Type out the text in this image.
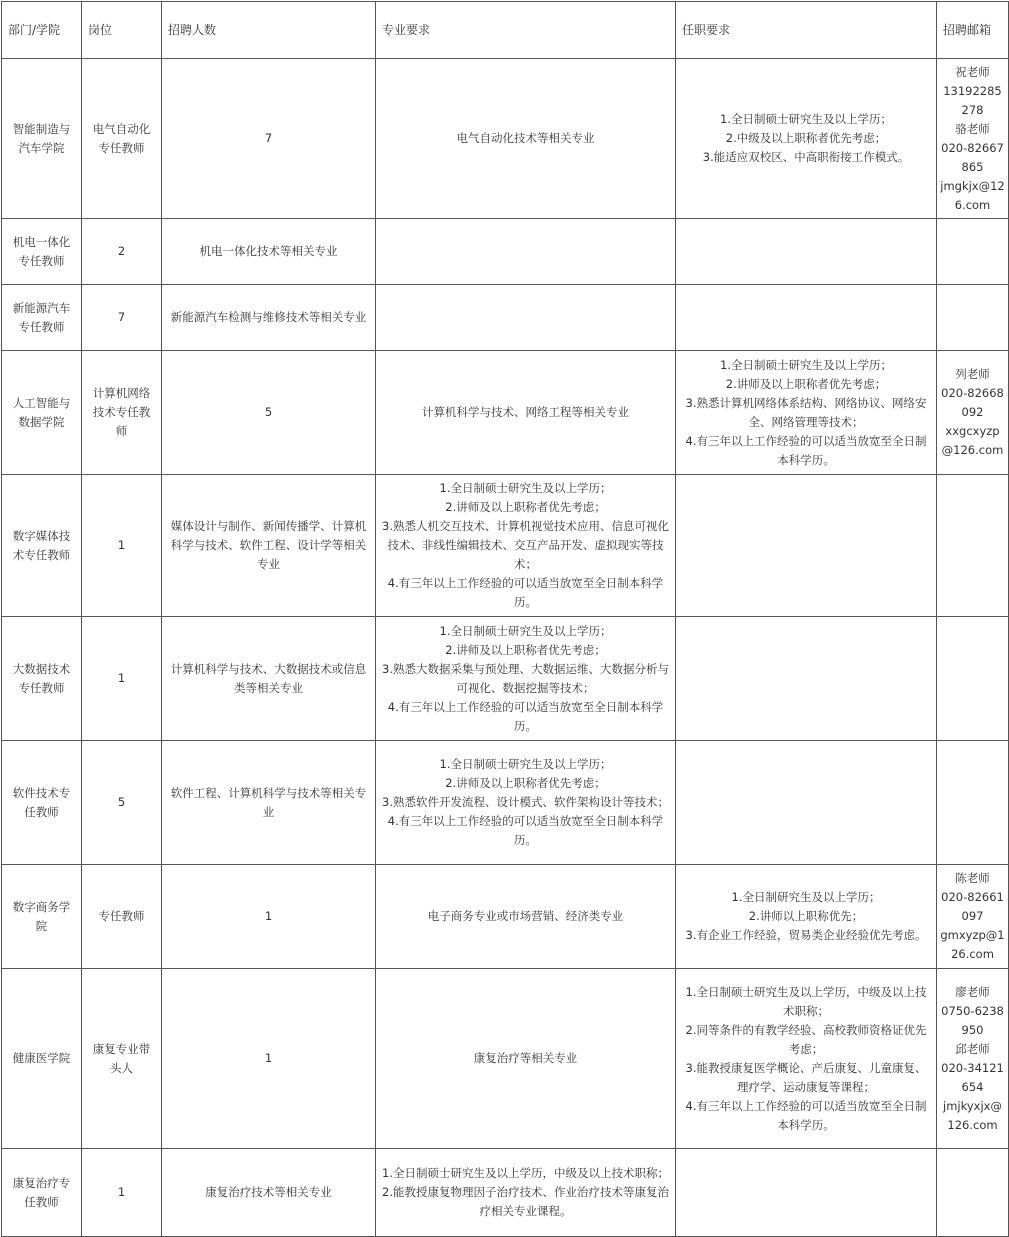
部门/学院	岗位	招聘人数	专业要求	任职要求	招聘邮箱
智能制造与汽车学院	电气自动化专任教师	7	电气自动化技术等相关专业	1.全日制硕士研究生及以上学历；
2.中级及以上职称者优先考虑；
3.能适应双校区、中高职衔接工作模式。	祝老师
13192285278
骆老师
020-82667865
jmgkjx@126.com

机电一体化专任教师	2	机电一体化技术等相关专业			
新能源汽车专任教师	7	新能源汽车检测与维修技术等相关专业			
人工智能与数据学院	计算机网络技术专任教师	5	计算机科学与技术、网络工程等相关专业	1.全日制硕士研究生及以上学历；
2.讲师及以上职称者优先考虑；
3.熟悉计算机网络体系结构、网络协议、网络安全、网络管理等技术；
4.有三年以上工作经验的可以适当放宽至全日制本科学历。	列老师
020-82668092
xxgcxyzp@126.com

数字媒体技术专任教师	1	媒体设计与制作、新闻传播学、计算机科学与技术、软件工程、设计学等相关专业	1.全日制硕士研究生及以上学历；
2.讲师及以上职称者优先考虑；
3.熟悉人机交互技术、计算机视觉技术应用、信息可视化技术、非线性编辑技术、交互产品开发、虚拟现实等技术；
4.有三年以上工作经验的可以适当放宽至全日制本科学历。		

大数据技术专任教师	1	计算机科学与技术、大数据技术或信息类等相关专业	1.全日制硕士研究生及以上学历；
2.讲师及以上职称者优先考虑；
3.熟悉大数据采集与预处理、大数据运维、大数据分析与可视化、数据挖掘等技术；
4.有三年以上工作经验的可以适当放宽至全日制本科学历。		

软件技术专任教师	5	软件工程、计算机科学与技术等相关专业	1.全日制硕士研究生及以上学历；
2.讲师及以上职称者优先考虑；
3.熟悉软件开发流程、设计模式、软件架构设计等技术；
4.有三年以上工作经验的可以适当放宽至全日制本科学历。		

数字商务学院	专任教师	1	电子商务专业或市场营销、经济类专业	1.全日制研究生及以上学历；
2.讲师以上职称优先；
3.有企业工作经验，贸易类企业经验优先考虑。	陈老师
020-82661097
gmxyzp@126.com

健康医学院	康复专业带头人	1	康复治疗等相关专业	1.全日制硕士研究生及以上学历，中级及以上技术职称；
2.同等条件的有教学经验、高校教师资格证优先考虑；
3.能教授康复医学概论、产后康复、儿童康复、理疗学、运动康复等课程；
4.有三年以上工作经验的可以适当放宽至全日制本科学历。	廖老师
0750-6238950
邱老师
020-34121654
jmjkyxjx@126.com

康复治疗专任教师	1	康复治疗技术等相关专业	1.全日制硕士研究生及以上学历，中级及以上技术职称；
2.能教授康复物理因子治疗技术、作业治疗技术等康复治疗相关专业课程。		
